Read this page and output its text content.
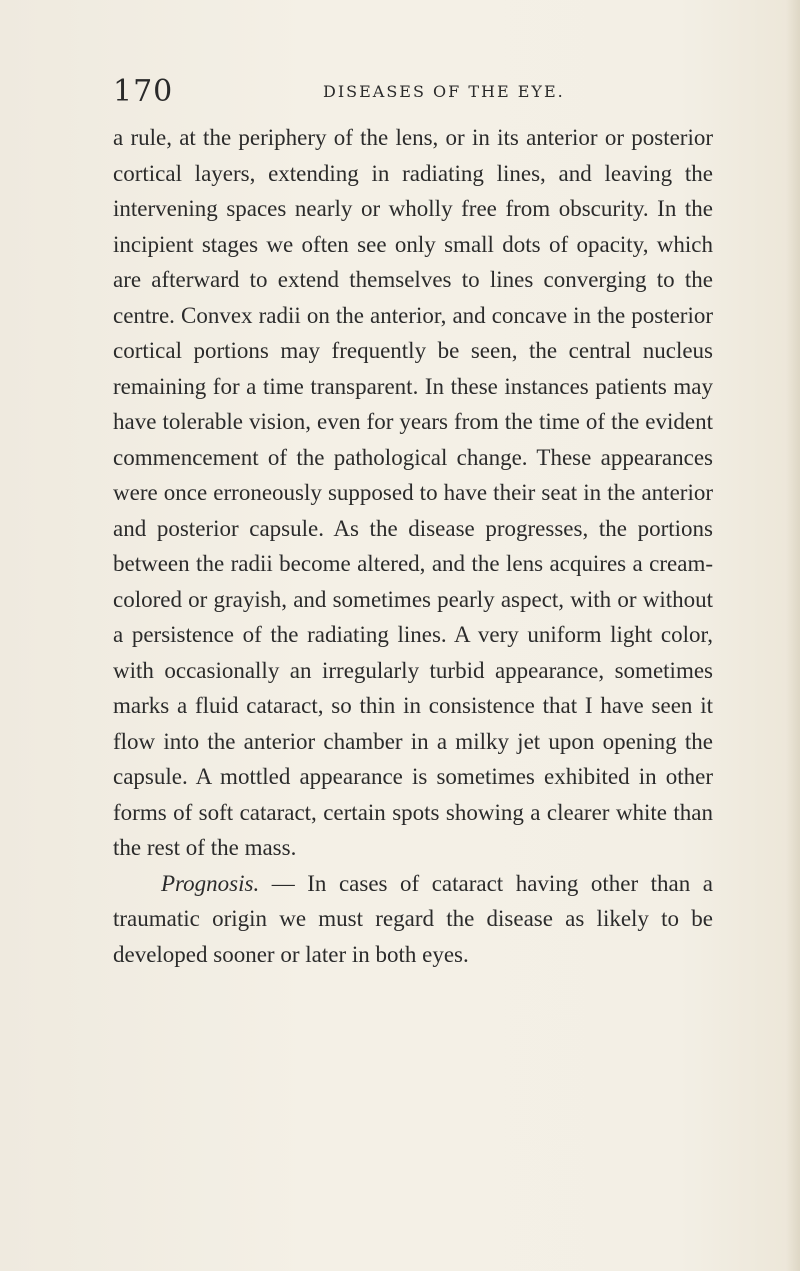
170	DISEASES OF THE EYE.

a rule, at the periphery of the lens, or in its anterior or posterior cortical layers, extending in radiating lines, and leaving the intervening spaces nearly or wholly free from obscurity. In the incipient stages we often see only small dots of opacity, which are afterward to extend themselves to lines converging to the centre. Convex radii on the anterior, and concave in the posterior cortical portions may frequently be seen, the central nucleus remaining for a time transparent. In these instances patients may have tolerable vision, even for years from the time of the evident commencement of the pathological change. These appearances were once erroneously supposed to have their seat in the anterior and posterior capsule. As the disease progresses, the portions between the radii become altered, and the lens acquires a cream-colored or grayish, and sometimes pearly aspect, with or without a persistence of the radiating lines. A very uniform light color, with occasionally an irregularly turbid appearance, sometimes marks a fluid cataract, so thin in consistence that I have seen it flow into the anterior chamber in a milky jet upon opening the capsule. A mottled appearance is sometimes exhibited in other forms of soft cataract, certain spots showing a clearer white than the rest of the mass.

Prognosis. — In cases of cataract having other than a traumatic origin we must regard the disease as likely to be developed sooner or later in both eyes.
